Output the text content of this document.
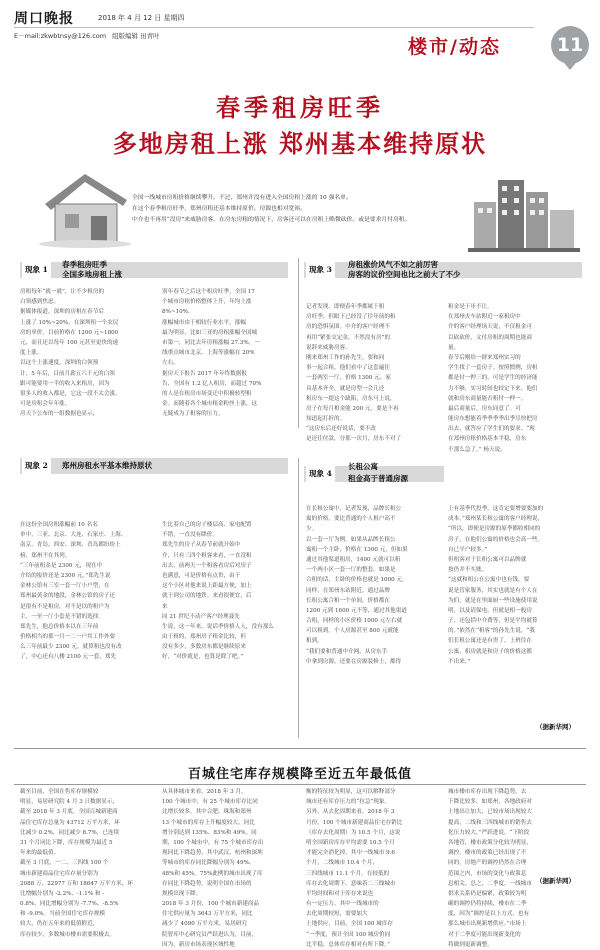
周口晚报	2018 年 4 月 12 日 星期四
E－mail:zkwbtnsy@126.com 组版编辑 田青叶	楼市/动态	11
春季租房旺季
多地房租上涨 郑州基本维持原状
全国一线城市房租价格继续攀升。不过，郑州并没有进入全国房租上涨的 10 强名单。
在这个春季租房旺季，郑州房租还基本维持原价。房源也相对宽裕。
中介也不再用“没房”来威胁房客。在房东房租的情况下，房客还可以在房租上略微砍价。或是要求月付房租。
现象 1
春季租房旺季
全国多地房租上涨
现象 3
房租涨价风气不如之前厉害
房客的议价空间也比之前大了不少
房租每年“就一就”，让不少租房的
白领感到焦虑。
据媒体报道，深圳的房租在春节后
上涨了 10%~20%。在深圳租一个农民
房的单价，目前价格在 1200 元~1800
元，而且还以每年 100 元甚至更快的速
度上涨。
以这个上涨速度，深圳的白领预
计，5 年后，目前月薪五六千元的白领
跟可能要用一半的收入来租房，因为
很多人的收入都是，它这一段不太会涨，
可是房租会年年涨。
房天下公布的一组数据也显示，
別年春节之后这个租房旺季，全国 17
个城市房租价格整体上升，年均上涨
8%~10%。
涨幅城市由于相较行业水平，涨幅
最为明显，比如三亚的房租涨幅全国城
市第一，同比去年房租涨幅 27.3%。一
线重点城市北京、上海等涨幅在 20%
左右。
据房天下报告 2017 年年终数据报
告，全国有 1.2 亿人租房，而超过 70%
的人是在租房市场变迁中积极转型租
金。而随着各个城市租金粉丝上涨，这
无疑成为了租客的压力。
记者发现，即便春年季都属于租
房旺季，但眼下已经没了往年前的租
房的恐惧氛围。中介的客户经理不
再用“紧张交定金，不然没有房”的
说辞来威胁房客。
刚来郑州工作的孙先生，要和同
事一起合租。他们看中了这套遍住
一套两室一厅、价格 1300 元、家
具基本齐全，就是房型一会儿还
租房东一提这个缺陷，房东马上说，
房子在每月租金能 200 元。要是不再
知道起打折的。
“这房东后还好说话，要不改
是还往付款，分那一次月，房东不对了
租金是干步不让。
在郑州火车站附近一家租房中
介的客户经理场天说，不仅租金可
以砍砍价，文付房租的周期也能商
量。
春节后刚给一群来郑州实习的
学生找了一套房子。按照惯例，房租
都是付一押三的，可是学生的经济能
力不够，实习时间也较定下来。他们
就和房东商量能否租付一押一。
最后商量后，房东同意了。可
能房东想能着季季季季出季尽快把房
出去，就答应了学生们的要求。“现
在郑州房租价格基本平稳，房东
不那么急了。” 杨天说。
现象 2	郑州房租水平基本维持原状
现象 4
长租公寓
租金高于普通房源
在这份全国房租涨幅前 10 名名
单中，三亚、北京、大连、石家庄、上海、
南京、青岛、西安、深圳、青岛都纷纷上
榜，郑州不在其列。
“三年前租金是 2300 元，现在中
介给的报价还是 2300 元。”郑先生说
金林公馆有三室一套一厅小户型，在
郑州最黄金的地段，金林公馆的房子还
是很有不是租房，对不是以的租户为
主，一至一厅小套是不错的选择。
郑先生，他总价格本以在三年前
价格相当的那一月一二一户其工作外要
么三年前最少 2300 元，就算租也没有改
了，中心还有八楼 2100 元一套，郑先
生比着自己的房子楼层高、家电配置
不错，一直没有降价。
郑先生的房子从春节前就开始中
介，只有三四个租客来看，一直没租
出去。前两天一个租客看房后对房子
也满意，可是价格有点贵，由于
这个小区对他来说上距最方便，加上
就于到公司的地铁。来看很便宜，后
来
同 21 世纪不动产客户经理聂先
生说，这一年来，说话季价格人人，没有那么
由于租的，郑州房子租金比较，但
没有多少，多数房东都是继续原来
好，“对价就是，也算是除了吧。”
在长租公寓中，记者发现，品牌长租公
寓的价格，要比普通的个人租户高不
少。
以一套一厅为例，如果从品牌长租公
寓租一个主卧，价格在 1300 元，但如果
通过其他渠道租房，1400 元就可以租
一个两小区一套一厅的整套。如果是
合租的话，主卧的价格也就是 1000 元。
同样，在郑州东站附近，通过品牌
长租公寓合租一个单间，价格都在
1200 元到 1600 元不等，通过其他渠道
合租，同样的小区价格 1000 元左右就
可以租到。个人房源甚至 800 元就能
租到。
“我们要和普通中介网，从房东手
中拿到房源，还要在房源装修上，都得
上有基季代投季，这肯定要增要要加的
成本。”郑州某长租公寓的客户经理说，
“所以，即便是房源的原季都收相同的
房子，在他们公寓的价格也会高一些。
自已平户较多。”
但租客对于长租公寓可以品牌就
按仍并不买账。
“这就和租公在公寓中也有钱，要
说是管家服务，其实也就是有个人在
为们，就是在里面厨一些设施使用说
明，以及请保电，但就是相一般房
子，还包括中介费等，但是平均就算
的。”依然在“租客”的孙先生说，“我
们长租公寓还是有贵了，上班住在
公寓，租房就是和房子的价格这都
不出来。”
（据新华网）
百城住宅库存规模降至近五年最低值
截至目前，全国在售库存规模较
明显，易居研究院 4 月 3 日数据显示，
截至 2018 年 3 月底，全国百城新建商
品住宅库存总量为 43712 万平方米，环
比减少 0.2%，同比减少 8.7%，已连续
31 个月同比下降，库存规模为最近 5
年来的最低值。
截至 3 月底，一二、三四线 100 个
城市新建商品住宅库存量分别为
2088 万、22977 万和 18647 万平方米，环
比增幅分别为 -2.2%、-1.1% 和 -
0.8%，同比增幅分别为 -7.7%、-8.5%
和 -9.0%。当前全国住宅库存规模
较大，仍在五年来的低值附近，
库存较少，多数城市楼市需要积极去。
从具体城市来看，2018 年 3 月，
100 个城市中，有 25 个城市库存比同
比增长较多，其中合肥、珠海和郑州
13 个城市的库存上升幅度较大，同比
增分别达到 135%、83%和 49%。同
期，100 个城市中，有 75 个城市库存出
现同比下降趋势，其中武汉、杭州和深圳
等城市的库存同比降幅分别为 49%、
48%和 45%。75%此例的城市出现了库
存同比下降趋势，说明全国在市场的
规模出现下降。
2018 年 3 月份，100 个城市新建商品
住宅供应量为 3643 万平方米，同比
减少了 4090 万平方米，易居研究
院智库中心研究员严跃进认为，目前，
因为，新房市场表现区域性地
衡的特征较为明显，这可以解释部分
城市还有库存压力的“拉急”现象。
另外，从去化周期来看，2018 年 3
月份，100 个城市新建商品住宅存销比
（库存去化周期）为 10.5 个月，这说
明全国新房库存平均需要 10.5 个月
才能完全消化掉。其中一线城市 9.6
个月，二线城市 10.4 个月，
三四线城市 11.1 个月。在较低的
库存去化周期下，意味着二三线城市
平均时间和对于库存来说也
有一定压力。其中一线城市的
去化周期较短，需要加大
土地供应，目前，全国 100 城库存
“一季度，预计全国 100 城房价同
比平稳，总体库存相对有所下降。”
城市楼市库存出现下降趋势，去
下降比较多，如郑州，各地政府对
土地出让加大，已较市场出现较大
提高，二线和三四线城市的销售去
化压力较大。”严跃进说，“下阶段
各地管，楼市政策分化较为明显，
调控，楼市的政策已经出现了不
同的，房地产的调控仍然在合理
范围之内，市场的变化与政策息
息相关。总之，二季度，一线城市
供求关系仍是偏紧，政策较为明
确的调控仍将持续，楼市在二季
度，因为“调控是以上方式，也有
那么城市出现新增供应。”市场上
对于二季度可能出现新变化的
将做到更新调整。
（据新华网）
